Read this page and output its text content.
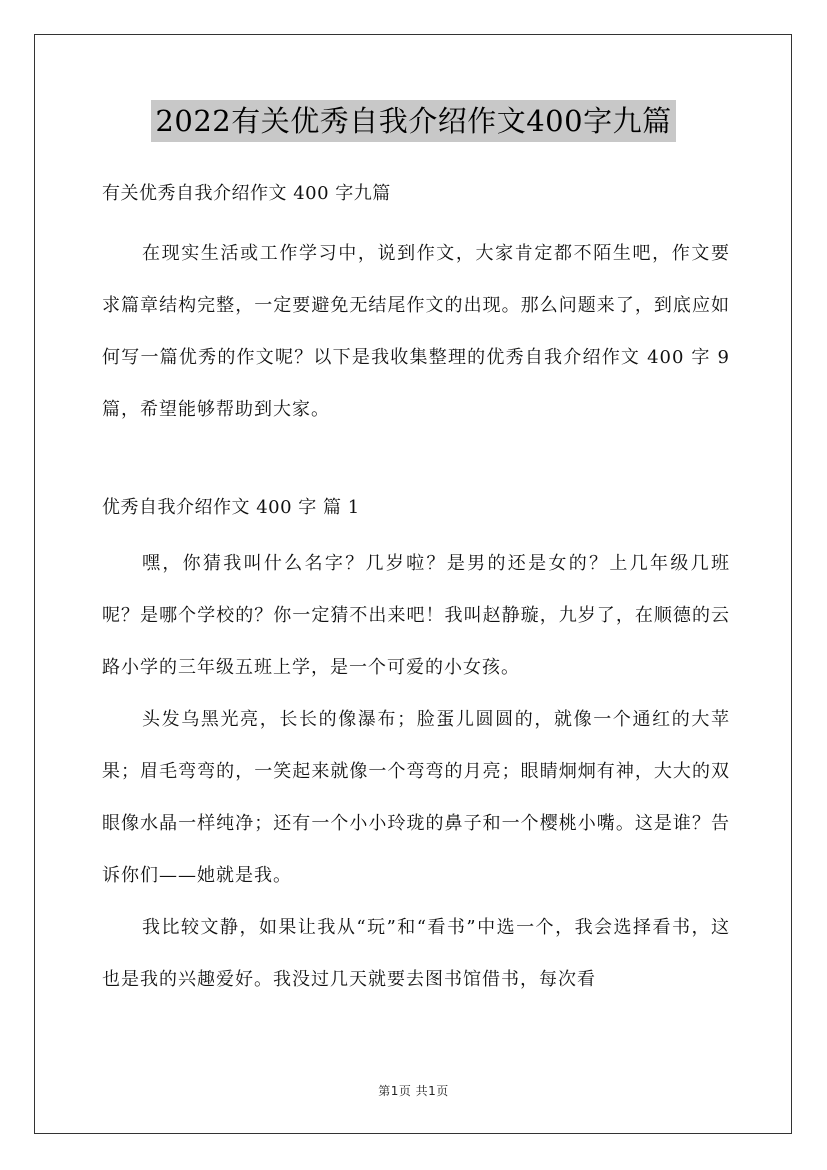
2022有关优秀自我介绍作文400字九篇

有关优秀自我介绍作文 400 字九篇

在现实生活或工作学习中，说到作文，大家肯定都不陌生吧，作文要求篇章结构完整，一定要避免无结尾作文的出现。那么问题来了，到底应如何写一篇优秀的作文呢？以下是我收集整理的优秀自我介绍作文 400 字 9 篇，希望能够帮助到大家。

优秀自我介绍作文 400 字 篇 1

嘿，你猜我叫什么名字？几岁啦？是男的还是女的？上几年级几班呢？是哪个学校的？你一定猜不出来吧！我叫赵静璇，九岁了，在顺德的云路小学的三年级五班上学，是一个可爱的小女孩。

头发乌黑光亮，长长的像瀑布；脸蛋儿圆圆的，就像一个通红的大苹果；眉毛弯弯的，一笑起来就像一个弯弯的月亮；眼睛炯炯有神，大大的双眼像水晶一样纯净；还有一个小小玲珑的鼻子和一个樱桃小嘴。这是谁？告诉你们——她就是我。

我比较文静，如果让我从“玩”和“看书”中选一个，我会选择看书，这也是我的兴趣爱好。我没过几天就要去图书馆借书，每次看

第1页 共1页
